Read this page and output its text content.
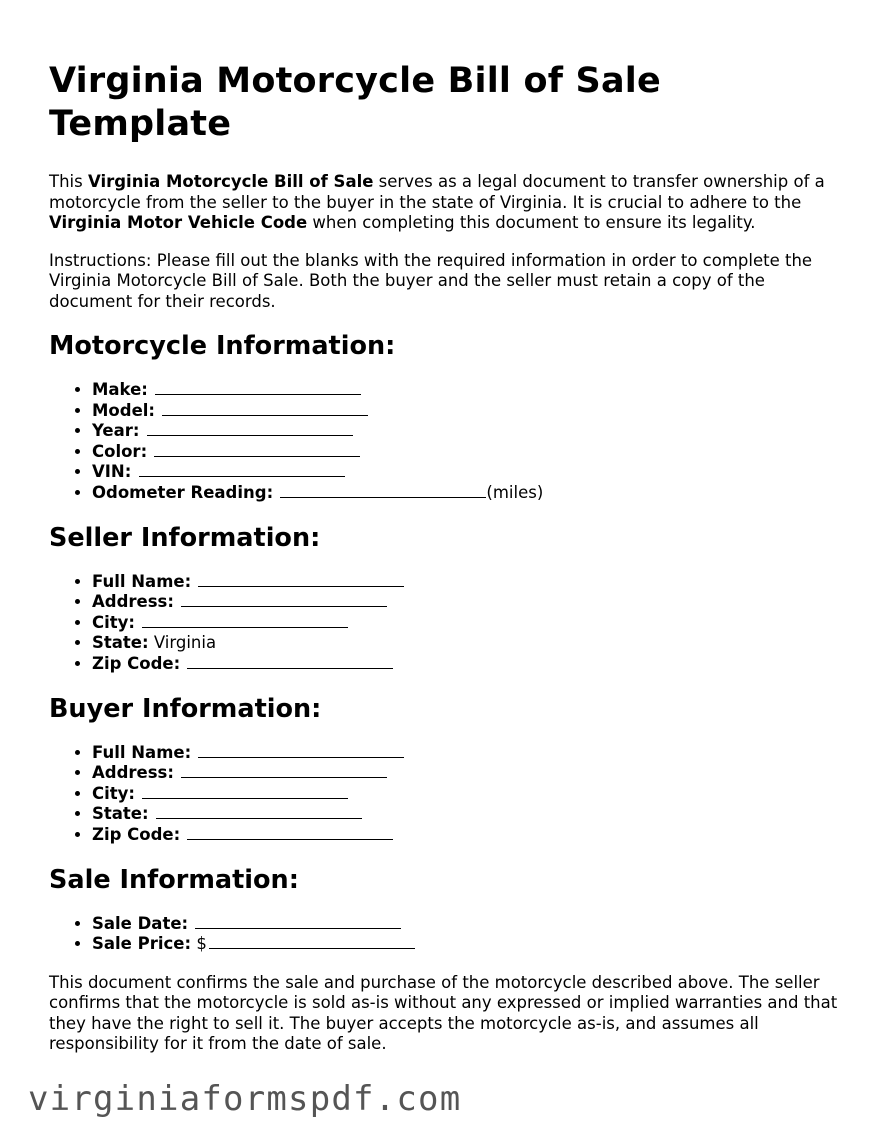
Virginia Motorcycle Bill of Sale Template

This Virginia Motorcycle Bill of Sale serves as a legal document to transfer ownership of a motorcycle from the seller to the buyer in the state of Virginia. It is crucial to adhere to the Virginia Motor Vehicle Code when completing this document to ensure its legality.

Instructions: Please fill out the blanks with the required information in order to complete the Virginia Motorcycle Bill of Sale. Both the buyer and the seller must retain a copy of the document for their records.

Motorcycle Information:
• Make:
• Model:
• Year:
• Color:
• VIN:
• Odometer Reading:	(miles)
Seller Information:
• Full Name:
• Address:
• City:
• State: Virginia
• Zip Code:
Buyer Information:
• Full Name:
• Address:
• City:
• State:
• Zip Code:
Sale Information:
• Sale Date:
• Sale Price: $

This document confirms the sale and purchase of the motorcycle described above. The seller confirms that the motorcycle is sold as-is without any expressed or implied warranties and that they have the right to sell it. The buyer accepts the motorcycle as-is, and assumes all responsibility for it from the date of sale.

virginiaformspdf.com
